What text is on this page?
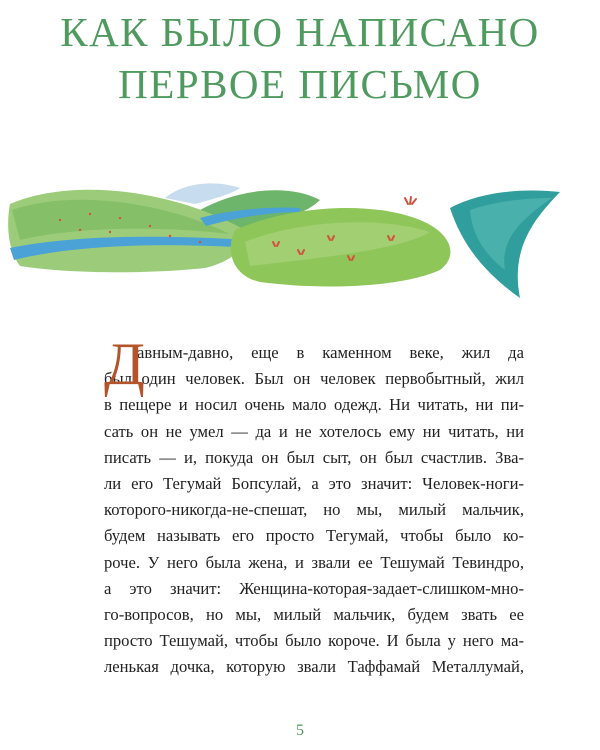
КАК БЫЛО НАПИСАНО
ПЕРВОЕ ПИСЬМО
Д
авным-давно, еще в каменном веке, жил да
был один человек. Был он человек первобытный, жил
в пещере и носил очень мало одежд. Ни читать, ни пи-
сать он не умел — да и не хотелось ему ни читать, ни
писать — и, покуда он был сыт, он был счастлив. Зва-
ли его Тегумай Бопсулай, а это значит: Человек-ноги-
которого-никогда-не-спешат, но мы, милый мальчик,
будем называть его просто Тегумай, чтобы было ко-
роче. У него была жена, и звали ее Тешумай Тевиндро,
а это значит: Женщина-которая-задает-слишком-мно-
го-вопросов, но мы, милый мальчик, будем звать ее
просто Тешумай, чтобы было короче. И была у него ма-
ленькая дочка, которую звали Таффамай Металлумай,
5
